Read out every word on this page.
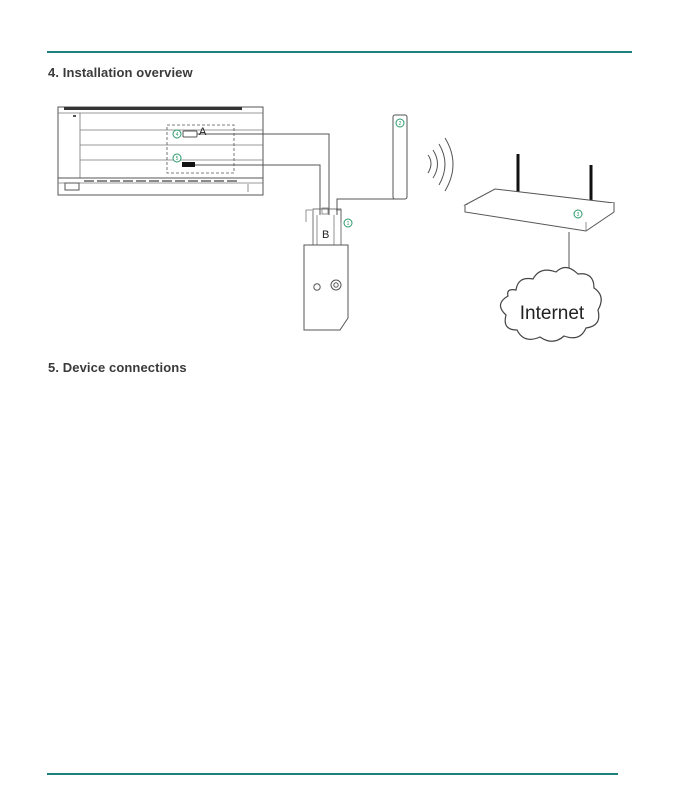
4. Installation overview
Internet
A
B
4
5
1
2
3
5. Device connections
